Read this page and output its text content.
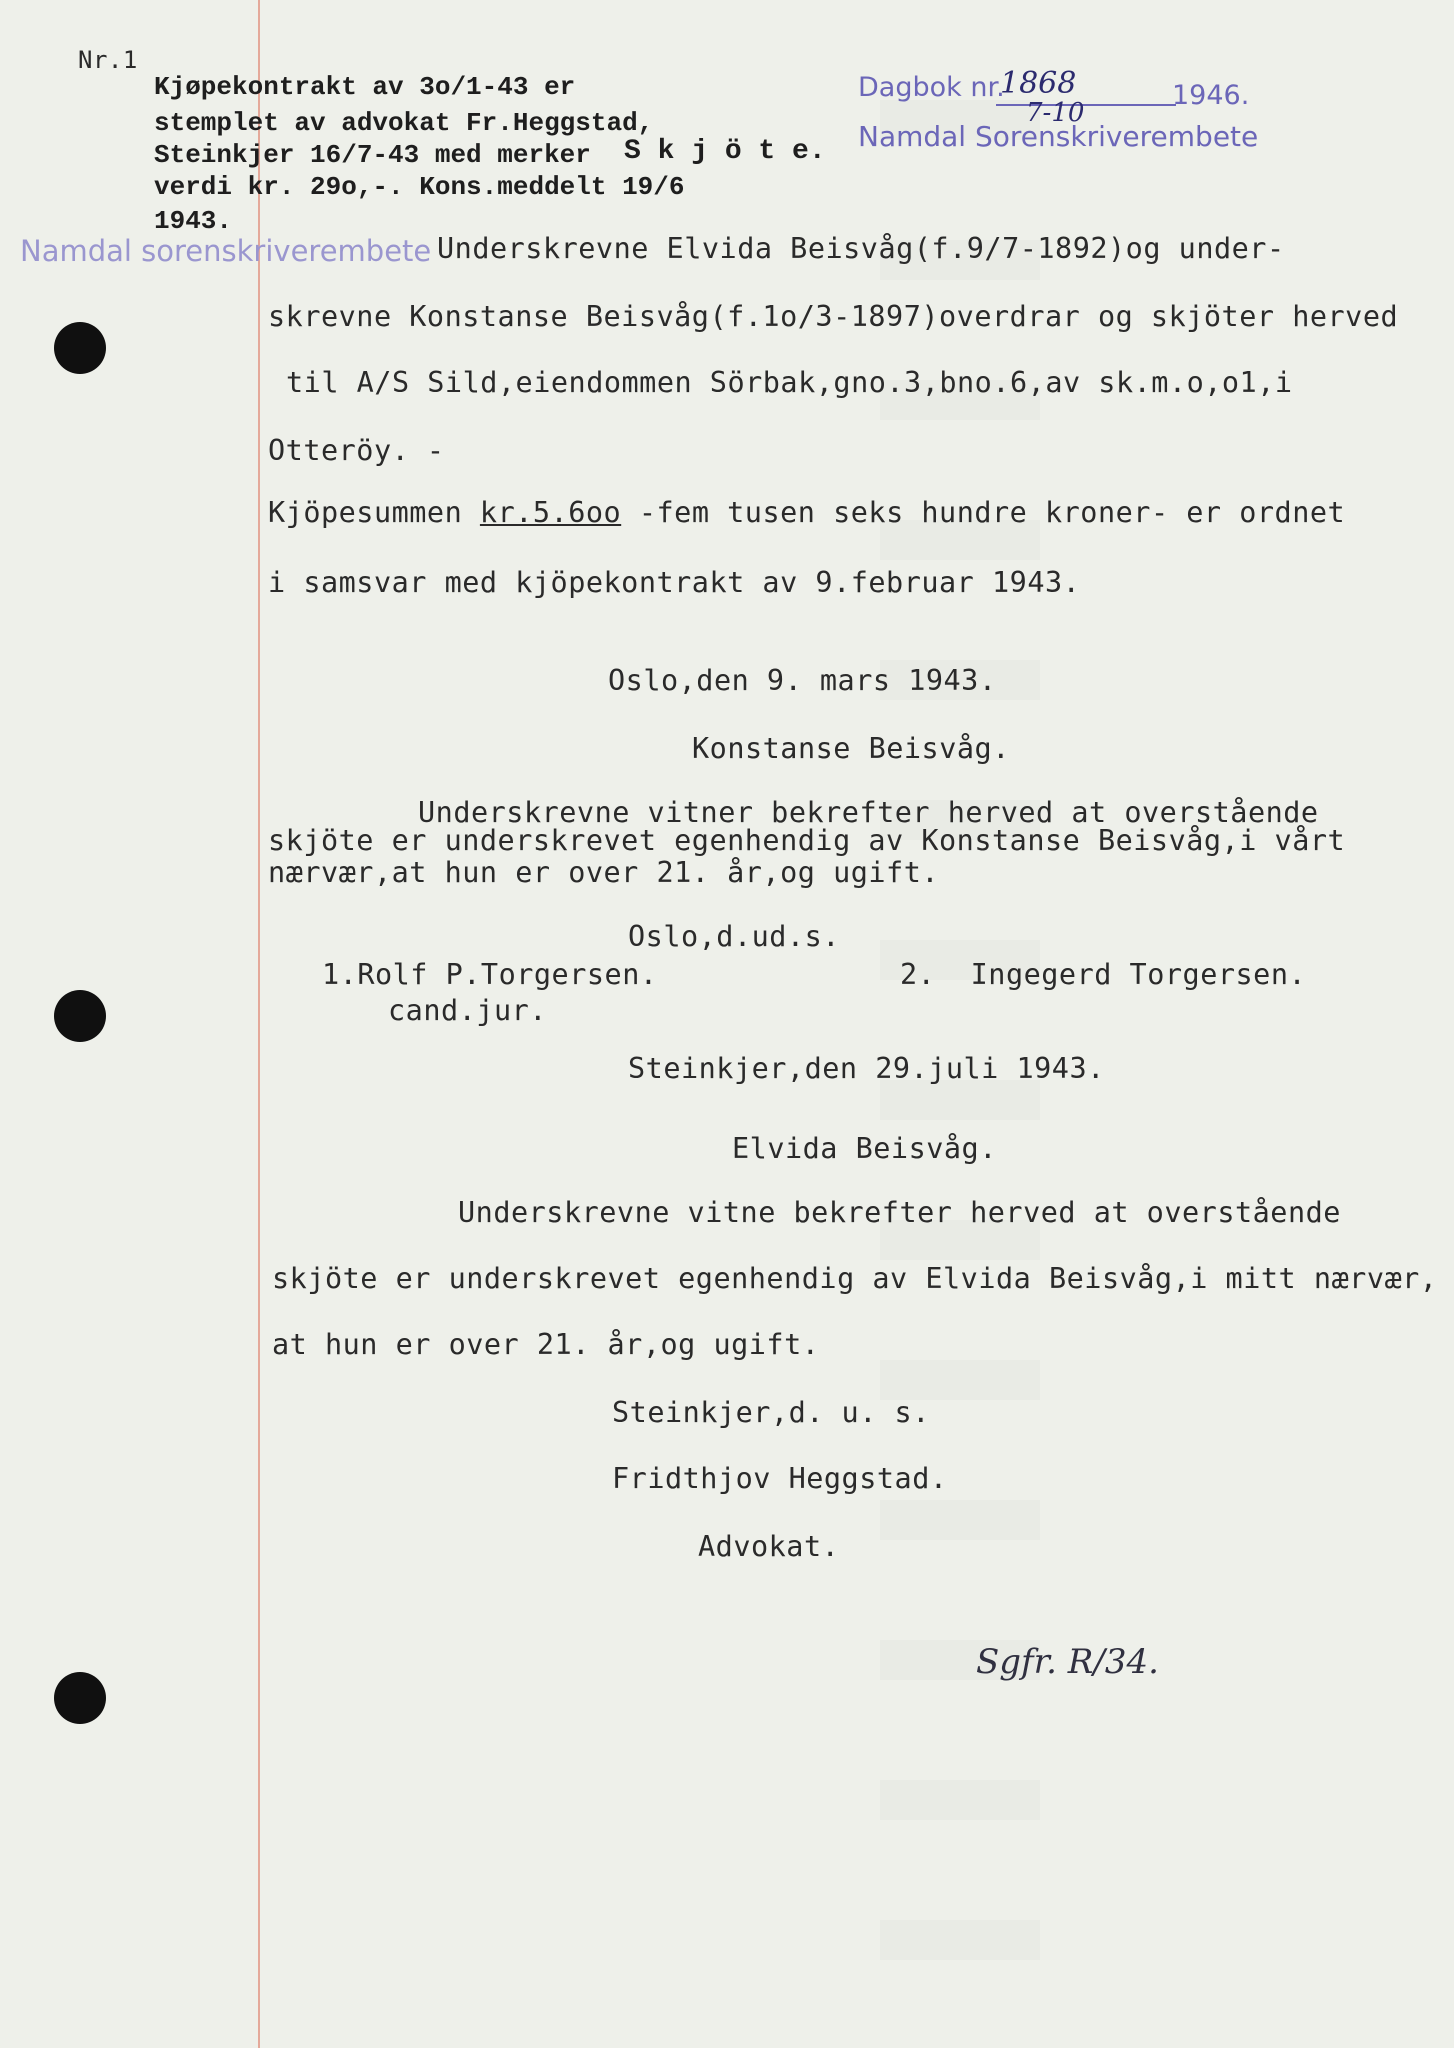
Nr.1
Kjøpekontrakt av 3o/1-43 er
stemplet av advokat Fr.Heggstad,
Steinkjer 16/7-43 med merker S k j ö t e.
verdi kr. 29o,-. Kons.meddelt 19/6
1943.
Dagbok nr.
1868	1946.
7-10
Namdal Sorenskriverembete
Namdal sorenskriverembete Underskrevne Elvida Beisvåg(f.9/7-1892)og under-
skrevne Konstanse Beisvåg(f.1o/3-1897)overdrar og skjöter herved
til A/S Sild,eiendommen Sörbak,gno.3,bno.6,av sk.m.o,o1,i
Otteröy. -
Kjöpesummen kr.5.6oo -fem tusen seks hundre kroner- er ordnet
i samsvar med kjöpekontrakt av 9.februar 1943.
Oslo,den 9. mars 1943.
Konstanse Beisvåg.
Underskrevne vitner bekrefter herved at overstående
skjöte er underskrevet egenhendig av Konstanse Beisvåg,i vårt
nærvær,at hun er over 21. år,og ugift.
Oslo,d.ud.s.
1.Rolf P.Torgersen.
cand.jur.
2.  Ingegerd Torgersen.
Steinkjer,den 29.juli 1943.
Elvida Beisvåg.
Underskrevne vitne bekrefter herved at overstående
skjöte er underskrevet egenhendig av Elvida Beisvåg,i mitt nærvær,
at hun er over 21. år,og ugift.
Steinkjer,d. u. s.
Fridthjov Heggstad.
Advokat.
Sgfr. R/34.
